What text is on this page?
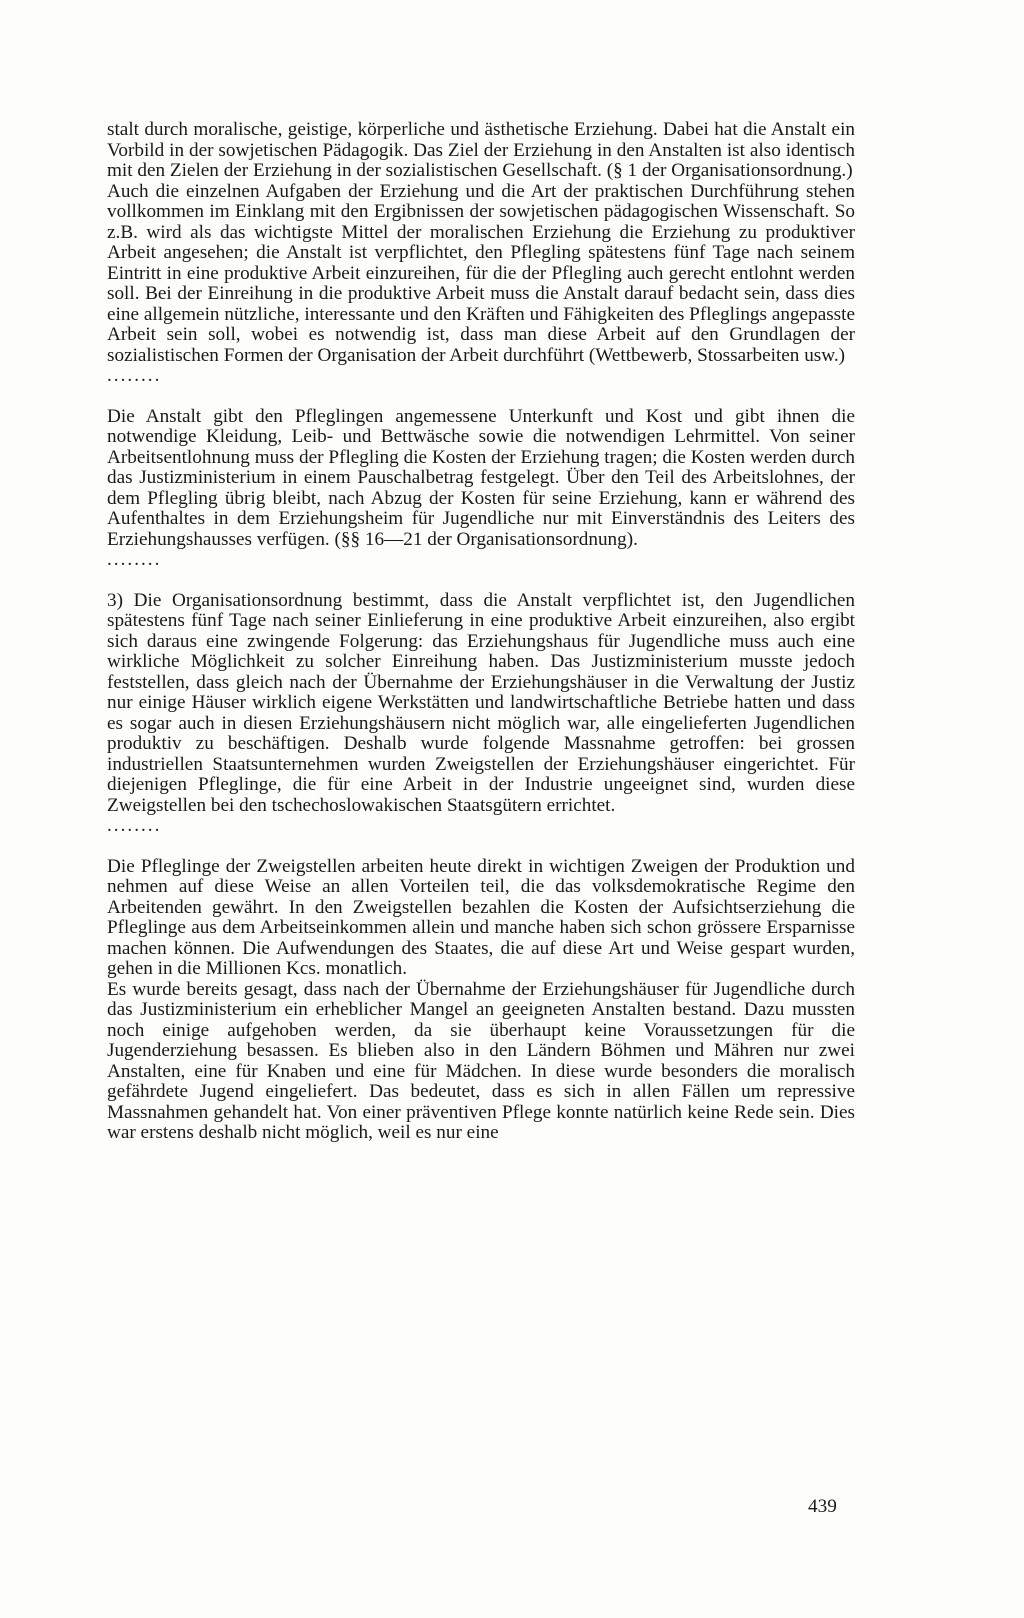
stalt durch moralische, geistige, körperliche und ästhetische Erziehung. Dabei hat die Anstalt ein Vorbild in der sowjetischen Pädagogik. Das Ziel der Erziehung in den Anstalten ist also identisch mit den Zielen der Erziehung in der sozialistischen Gesellschaft. (§ 1 der Organisationsordnung.)

Auch die einzelnen Aufgaben der Erziehung und die Art der praktischen Durchführung stehen vollkommen im Einklang mit den Ergibnissen der sowjetischen pädagogischen Wissenschaft. So z.B. wird als das wichtigste Mittel der moralischen Erziehung die Erziehung zu produktiver Arbeit angesehen; die Anstalt ist verpflichtet, den Pflegling spätestens fünf Tage nach seinem Eintritt in eine produktive Arbeit einzureihen, für die der Pflegling auch gerecht entlohnt werden soll. Bei der Einreihung in die produktive Arbeit muss die Anstalt darauf bedacht sein, dass dies eine allgemein nützliche, interessante und den Kräften und Fähigkeiten des Pfleglings angepasste Arbeit sein soll, wobei es notwendig ist, dass man diese Arbeit auf den Grundlagen der sozialistischen Formen der Organisation der Arbeit durchführt (Wettbewerb, Stossarbeiten usw.)

........

Die Anstalt gibt den Pfleglingen angemessene Unterkunft und Kost und gibt ihnen die notwendige Kleidung, Leib- und Bettwäsche sowie die notwendigen Lehrmittel. Von seiner Arbeitsentlohnung muss der Pflegling die Kosten der Erziehung tragen; die Kosten werden durch das Justizministerium in einem Pauschalbetrag festgelegt. Über den Teil des Arbeitslohnes, der dem Pflegling übrig bleibt, nach Abzug der Kosten für seine Erziehung, kann er während des Aufenthaltes in dem Erziehungsheim für Jugendliche nur mit Einverständnis des Leiters des Erziehungshausses verfügen. (§§ 16—21 der Organisationsordnung).

........

3) Die Organisationsordnung bestimmt, dass die Anstalt verpflichtet ist, den Jugendlichen spätestens fünf Tage nach seiner Einlieferung in eine produktive Arbeit einzureihen, also ergibt sich daraus eine zwingende Folgerung: das Erziehungshaus für Jugendliche muss auch eine wirkliche Möglichkeit zu solcher Einreihung haben. Das Justizministerium musste jedoch feststellen, dass gleich nach der Übernahme der Erziehungshäuser in die Verwaltung der Justiz nur einige Häuser wirklich eigene Werkstätten und landwirtschaftliche Betriebe hatten und dass es sogar auch in diesen Erziehungshäusern nicht möglich war, alle eingelieferten Jugendlichen produktiv zu beschäftigen. Deshalb wurde folgende Massnahme getroffen: bei grossen industriellen Staatsunternehmen wurden Zweigstellen der Erziehungshäuser eingerichtet. Für diejenigen Pfleglinge, die für eine Arbeit in der Industrie ungeeignet sind, wurden diese Zweigstellen bei den tschechoslowakischen Staatsgütern errichtet.

........

Die Pfleglinge der Zweigstellen arbeiten heute direkt in wichtigen Zweigen der Produktion und nehmen auf diese Weise an allen Vorteilen teil, die das volksdemokratische Regime den Arbeitenden gewährt. In den Zweigstellen bezahlen die Kosten der Aufsichtserziehung die Pfleglinge aus dem Arbeitseinkommen allein und manche haben sich schon grössere Ersparnisse machen können. Die Aufwendungen des Staates, die auf diese Art und Weise gespart wurden, gehen in die Millionen Kcs. monatlich.

Es wurde bereits gesagt, dass nach der Übernahme der Erziehungshäuser für Jugendliche durch das Justizministerium ein erheblicher Mangel an geeigneten Anstalten bestand. Dazu mussten noch einige aufgehoben werden, da sie überhaupt keine Voraussetzungen für die Jugenderziehung besassen. Es blieben also in den Ländern Böhmen und Mähren nur zwei Anstalten, eine für Knaben und eine für Mädchen. In diese wurde besonders die moralisch gefährdete Jugend eingeliefert. Das bedeutet, dass es sich in allen Fällen um repressive Massnahmen gehandelt hat. Von einer präventiven Pflege konnte natürlich keine Rede sein. Dies war erstens deshalb nicht möglich, weil es nur eine

439
